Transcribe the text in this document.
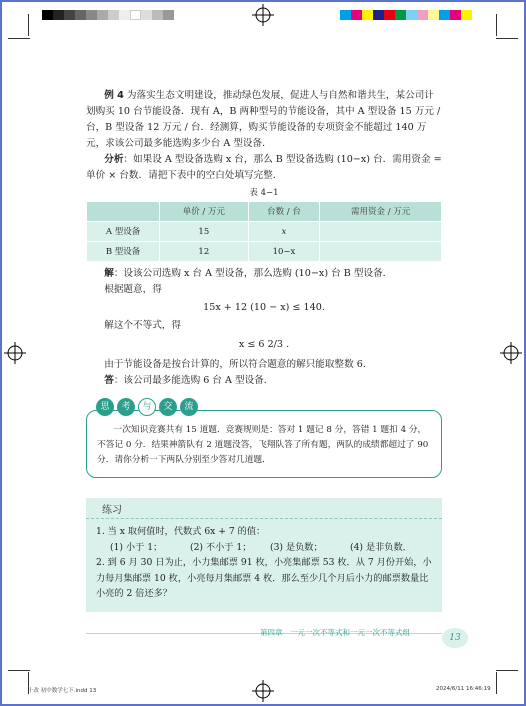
例 4 为落实生态文明建设，推动绿色发展，促进人与自然和谐共生，某公司计划购买 10 台节能设备．现有 A，B 两种型号的节能设备，其中 A 型设备 15 万元 / 台，B 型设备 12 万元 / 台．经测算，购买节能设备的专项资金不能超过 140 万元，求该公司最多能选购多少台 A 型设备．

分析：如果设 A 型设备选购 x 台，那么 B 型设备选购 (10−x) 台．需用资金 = 单价 × 台数．请把下表中的空白处填写完整．

表 4−1

	单价 / 万元	台数 / 台	需用资金 / 万元
A 型设备	15	x	
B 型设备	12	10−x	

解：设该公司选购 x 台 A 型设备，那么选购 (10−x) 台 B 型设备．

根据题意，得

15x + 12 (10 − x) ≤ 140.

解这个不等式，得

x ≤ 6 2/3 .

由于节能设备是按台计算的，所以符合题意的解只能取整数 6.

答：该公司最多能选购 6 台 A 型设备．

一次知识竞赛共有 15 道题．竞赛规则是：答对 1 题记 8 分，答错 1 题扣 4 分，不答记 0 分．结果神箭队有 2 道题没答，飞翔队答了所有题，两队的成绩都超过了 90 分．请你分析一下两队分别至少答对几道题．
思	考	与	交	流
练习

1. 当 x 取何值时，代数式 6x + 7 的值：

(1) 小于 1；	(2) 不小于 1； (3) 是负数；	(4) 是非负数．

2. 到 6 月 30 日为止，小力集邮票 91 枚，小亮集邮票 53 枚．从 7 月份开始，小力每月集邮票 10 枚，小亮每月集邮票 4 枚．那么至少几个月后小力的邮票数量比小亮的 2 倍还多？

第四章　一元一次不等式和一元一次不等式组
13
十改 初中数学七下.indd 13	2024/6/11 16:46:19
